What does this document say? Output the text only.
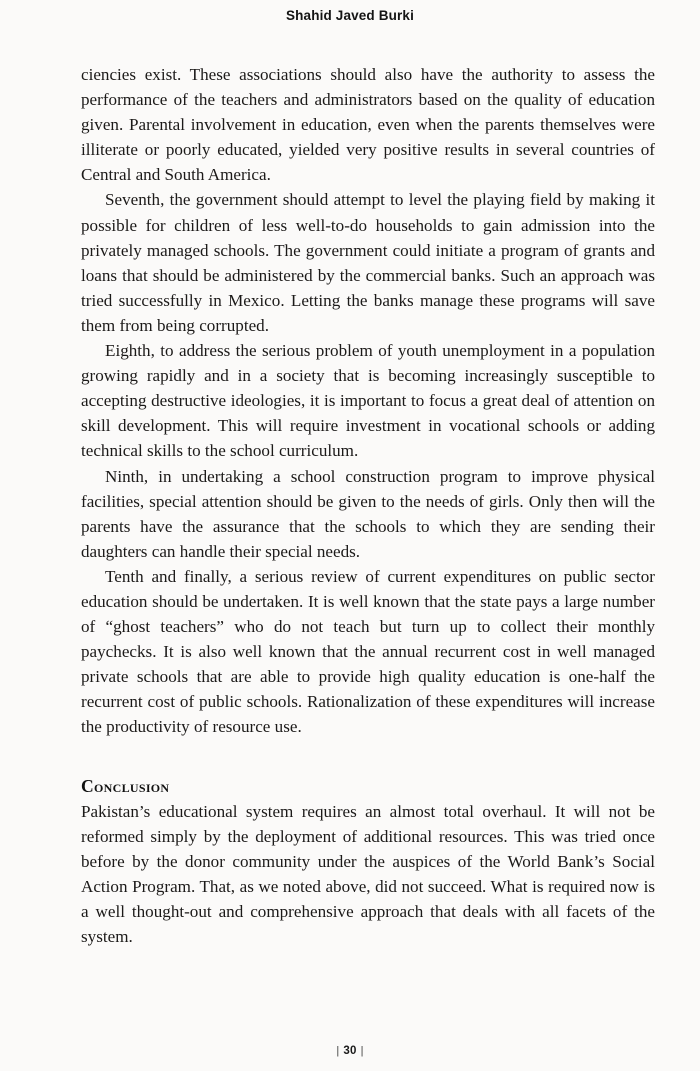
Shahid Javed Burki

ciencies exist. These associations should also have the authority to assess the performance of the teachers and administrators based on the quality of education given. Parental involvement in education, even when the parents themselves were illiterate or poorly educated, yielded very positive results in several countries of Central and South America.

Seventh, the government should attempt to level the playing field by making it possible for children of less well-to-do households to gain admission into the privately managed schools. The government could initiate a program of grants and loans that should be administered by the commercial banks. Such an approach was tried successfully in Mexico. Letting the banks manage these programs will save them from being corrupted.

Eighth, to address the serious problem of youth unemployment in a population growing rapidly and in a society that is becoming increasingly susceptible to accepting destructive ideologies, it is important to focus a great deal of attention on skill development. This will require investment in vocational schools or adding technical skills to the school curriculum.

Ninth, in undertaking a school construction program to improve physical facilities, special attention should be given to the needs of girls. Only then will the parents have the assurance that the schools to which they are sending their daughters can handle their special needs.

Tenth and finally, a serious review of current expenditures on public sector education should be undertaken. It is well known that the state pays a large number of “ghost teachers” who do not teach but turn up to collect their monthly paychecks. It is also well known that the annual recurrent cost in well managed private schools that are able to provide high quality education is one-half the recurrent cost of public schools. Rationalization of these expenditures will increase the productivity of resource use.

Conclusion

Pakistan’s educational system requires an almost total overhaul. It will not be reformed simply by the deployment of additional resources. This was tried once before by the donor community under the auspices of the World Bank’s Social Action Program. That, as we noted above, did not succeed. What is required now is a well thought-out and comprehensive approach that deals with all facets of the system.

| 30 |
